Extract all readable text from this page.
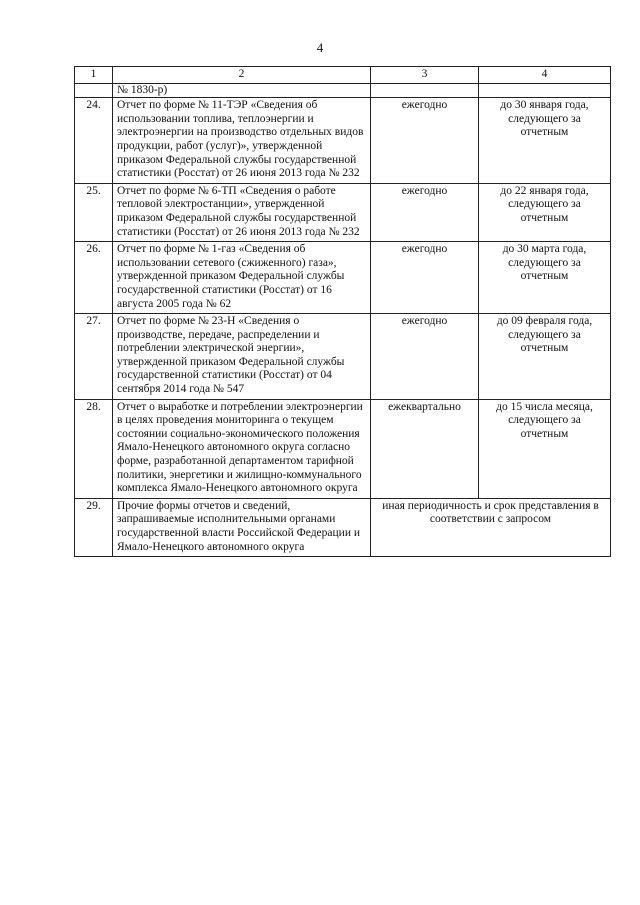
4
1	2	3	4
	№ 1830-р)		
24.	Отчет по форме № 11-ТЭР «Сведения об использовании топлива, теплоэнергии и электроэнергии на производство отдельных видов продукции, работ (услуг)», утвержденной приказом Федеральной службы государственной статистики (Росстат) от 26 июня 2013 года № 232	ежегодно	до 30 января года, следующего за отчетным
25.	Отчет по форме № 6-ТП «Сведения о работе тепловой электростанции», утвержденной приказом Федеральной службы государственной статистики (Росстат) от 26 июня 2013 года № 232	ежегодно	до 22 января года, следующего за отчетным
26.	Отчет по форме № 1-газ «Сведения об использовании сетевого (сжиженного) газа», утвержденной приказом Федеральной службы государственной статистики (Росстат) от 16 августа 2005 года № 62	ежегодно	до 30 марта года, следующего за отчетным
27.	Отчет по форме № 23-Н «Сведения о производстве, передаче, распределении и потреблении электрической энергии», утвержденной приказом Федеральной службы государственной статистики (Росстат) от 04 сентября 2014 года № 547	ежегодно	до 09 февраля года, следующего за отчетным
28.	Отчет о выработке и потреблении электроэнергии в целях проведения мониторинга о текущем состоянии социально-экономического положения Ямало-Ненецкого автономного округа согласно форме, разработанной департаментом тарифной политики, энергетики и жилищно-коммунального комплекса Ямало-Ненецкого автономного округа	ежеквартально	до 15 числа месяца, следующего за отчетным
29.	Прочие формы отчетов и сведений, запрашиваемые исполнительными органами государственной власти Российской Федерации и Ямало-Ненецкого автономного округа	иная периодичность и срок представления в соответствии с запросом	
